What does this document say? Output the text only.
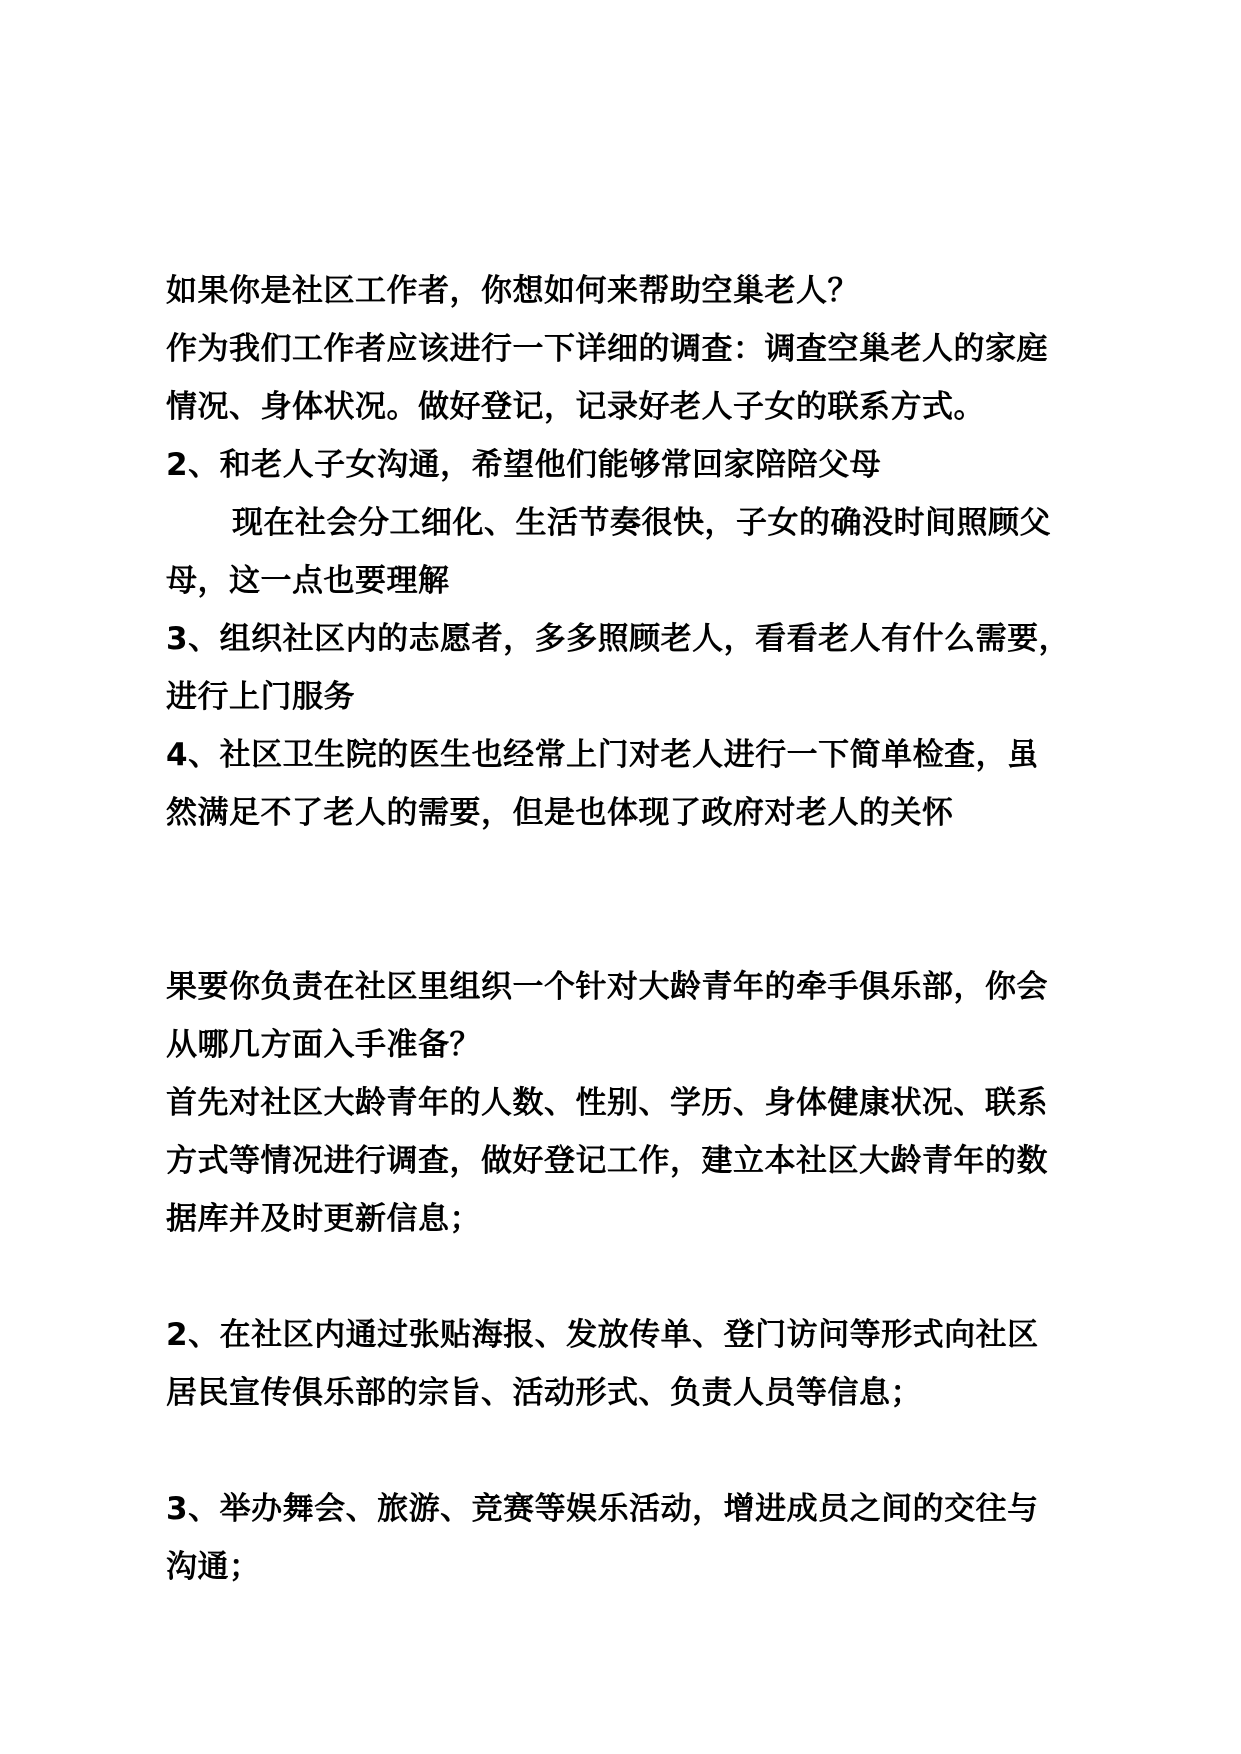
如果你是社区工作者，你想如何来帮助空巢老人？
作为我们工作者应该进行一下详细的调查：调查空巢老人的家庭
情况、身体状况。做好登记，记录好老人子女的联系方式。
2、和老人子女沟通，希望他们能够常回家陪陪父母
现在社会分工细化、生活节奏很快，子女的确没时间照顾父
母，这一点也要理解
3、组织社区内的志愿者，多多照顾老人，看看老人有什么需要，
进行上门服务
4、社区卫生院的医生也经常上门对老人进行一下简单检查，虽
然满足不了老人的需要，但是也体现了政府对老人的关怀
果要你负责在社区里组织一个针对大龄青年的牵手俱乐部，你会
从哪几方面入手准备？
首先对社区大龄青年的人数、性别、学历、身体健康状况、联系
方式等情况进行调查，做好登记工作，建立本社区大龄青年的数
据库并及时更新信息；
2、在社区内通过张贴海报、发放传单、登门访问等形式向社区
居民宣传俱乐部的宗旨、活动形式、负责人员等信息；
3、举办舞会、旅游、竞赛等娱乐活动，增进成员之间的交往与
沟通；
